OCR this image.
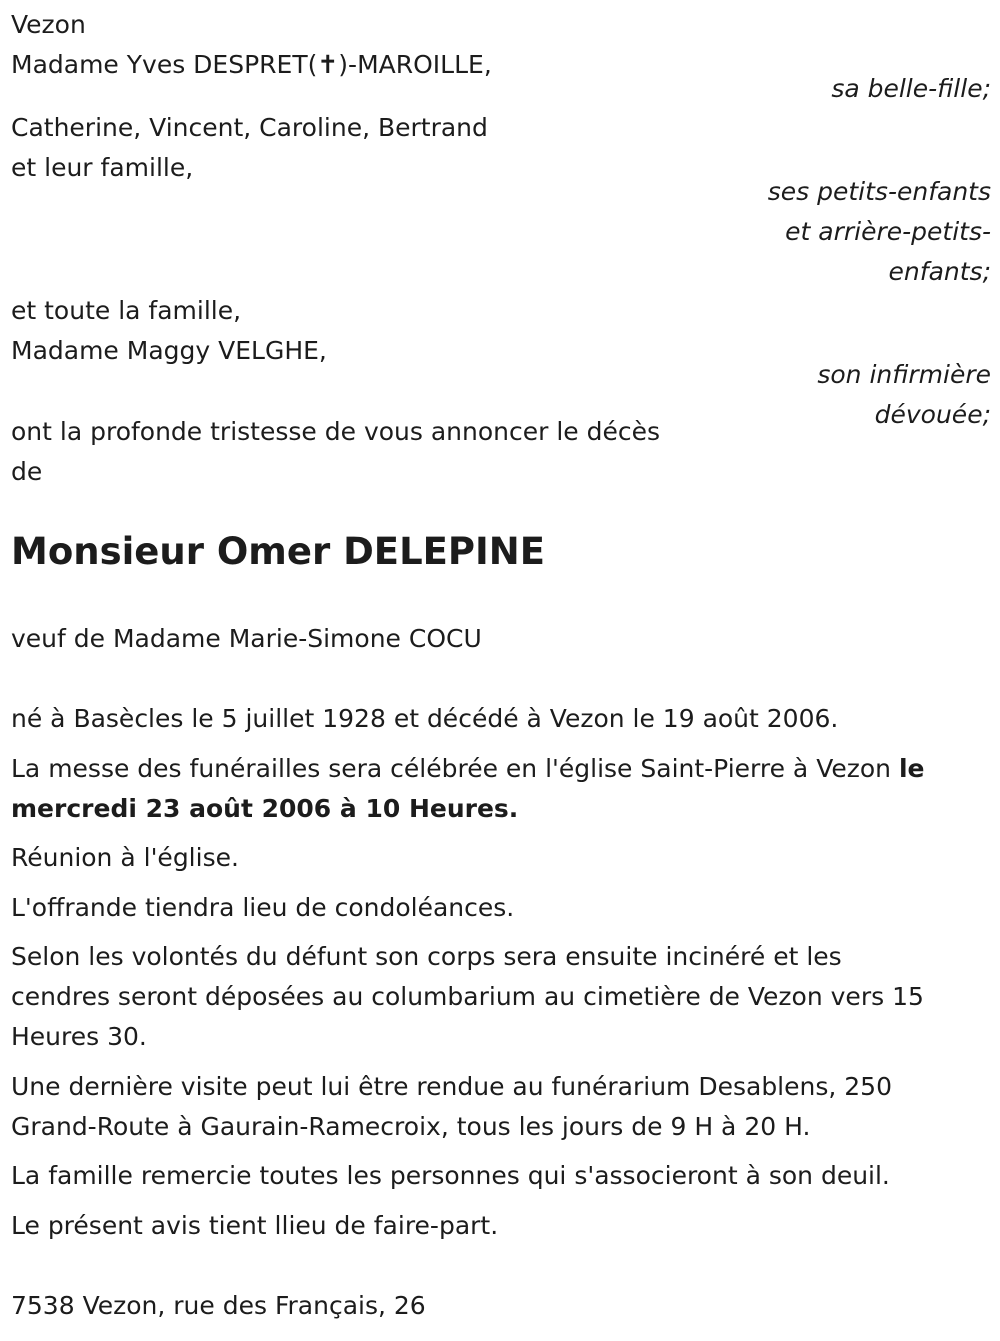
Vezon
Madame Yves DESPRET(✝)-MAROILLE,
sa belle-fille;
Catherine, Vincent, Caroline, Bertrand
et leur famille,
ses petits-enfants
et arrière-petits-
enfants;
et toute la famille,
Madame Maggy VELGHE,
son infirmière
dévouée;
ont la profonde tristesse de vous annoncer le décès
de
Monsieur Omer DELEPINE
veuf de Madame Marie-Simone COCU
né à Basècles le 5 juillet 1928 et décédé à Vezon le 19 août 2006.
La messe des funérailles sera célébrée en l'église Saint-Pierre à Vezon le
mercredi 23 août 2006 à 10 Heures.
Réunion à l'église.
L'offrande tiendra lieu de condoléances.
Selon les volontés du défunt son corps sera ensuite incinéré et les
cendres seront déposées au columbarium au cimetière de Vezon vers 15
Heures 30.
Une dernière visite peut lui être rendue au funérarium Desablens, 250
Grand-Route à Gaurain-Ramecroix, tous les jours de 9 H à 20 H.
La famille remercie toutes les personnes qui s'associeront à son deuil.
Le présent avis tient llieu de faire-part.
7538 Vezon, rue des Français, 26
